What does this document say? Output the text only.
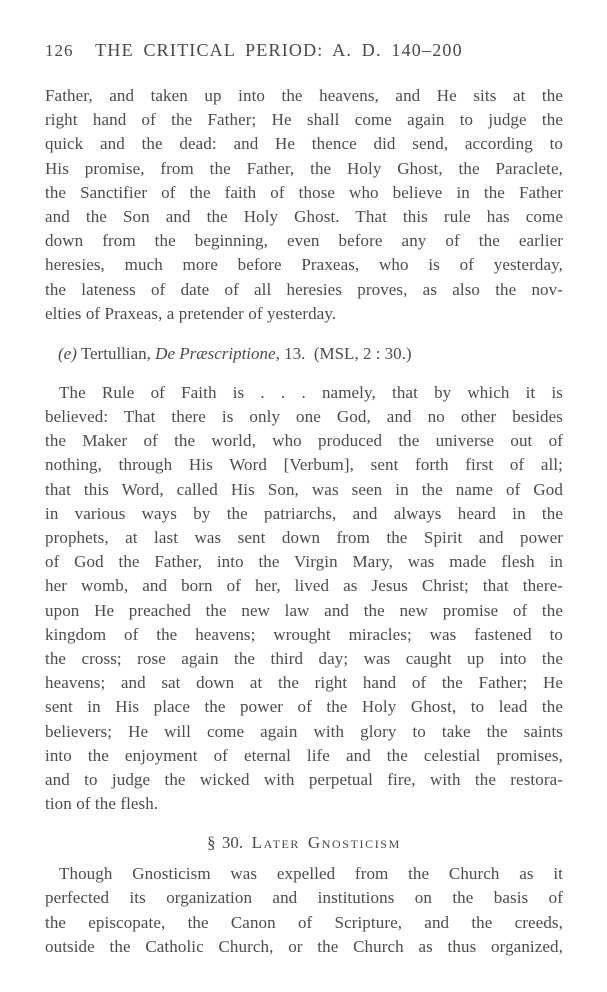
126	THE CRITICAL PERIOD: A. D. 140–200
Father, and taken up into the heavens, and He sits at the
right hand of the Father; He shall come again to judge the
quick and the dead: and He thence did send, according to
His promise, from the Father, the Holy Ghost, the Paraclete,
the Sanctifier of the faith of those who believe in the Father
and the Son and the Holy Ghost. That this rule has come
down from the beginning, even before any of the earlier
heresies, much more before Praxeas, who is of yesterday,
the lateness of date of all heresies proves, as also the nov-
elties of Praxeas, a pretender of yesterday.
(e) Tertullian, De Præscriptione, 13. (MSL, 2 : 30.)
The Rule of Faith is . . . namely, that by which it is
believed: That there is only one God, and no other besides
the Maker of the world, who produced the universe out of
nothing, through His Word [Verbum], sent forth first of all;
that this Word, called His Son, was seen in the name of God
in various ways by the patriarchs, and always heard in the
prophets, at last was sent down from the Spirit and power
of God the Father, into the Virgin Mary, was made flesh in
her womb, and born of her, lived as Jesus Christ; that there-
upon He preached the new law and the new promise of the
kingdom of the heavens; wrought miracles; was fastened to
the cross; rose again the third day; was caught up into the
heavens; and sat down at the right hand of the Father; He
sent in His place the power of the Holy Ghost, to lead the
believers; He will come again with glory to take the saints
into the enjoyment of eternal life and the celestial promises,
and to judge the wicked with perpetual fire, with the restora-
tion of the flesh.
§ 30. Later Gnosticism
Though Gnosticism was expelled from the Church as it
perfected its organization and institutions on the basis of
the episcopate, the Canon of Scripture, and the creeds,
outside the Catholic Church, or the Church as thus organized,
